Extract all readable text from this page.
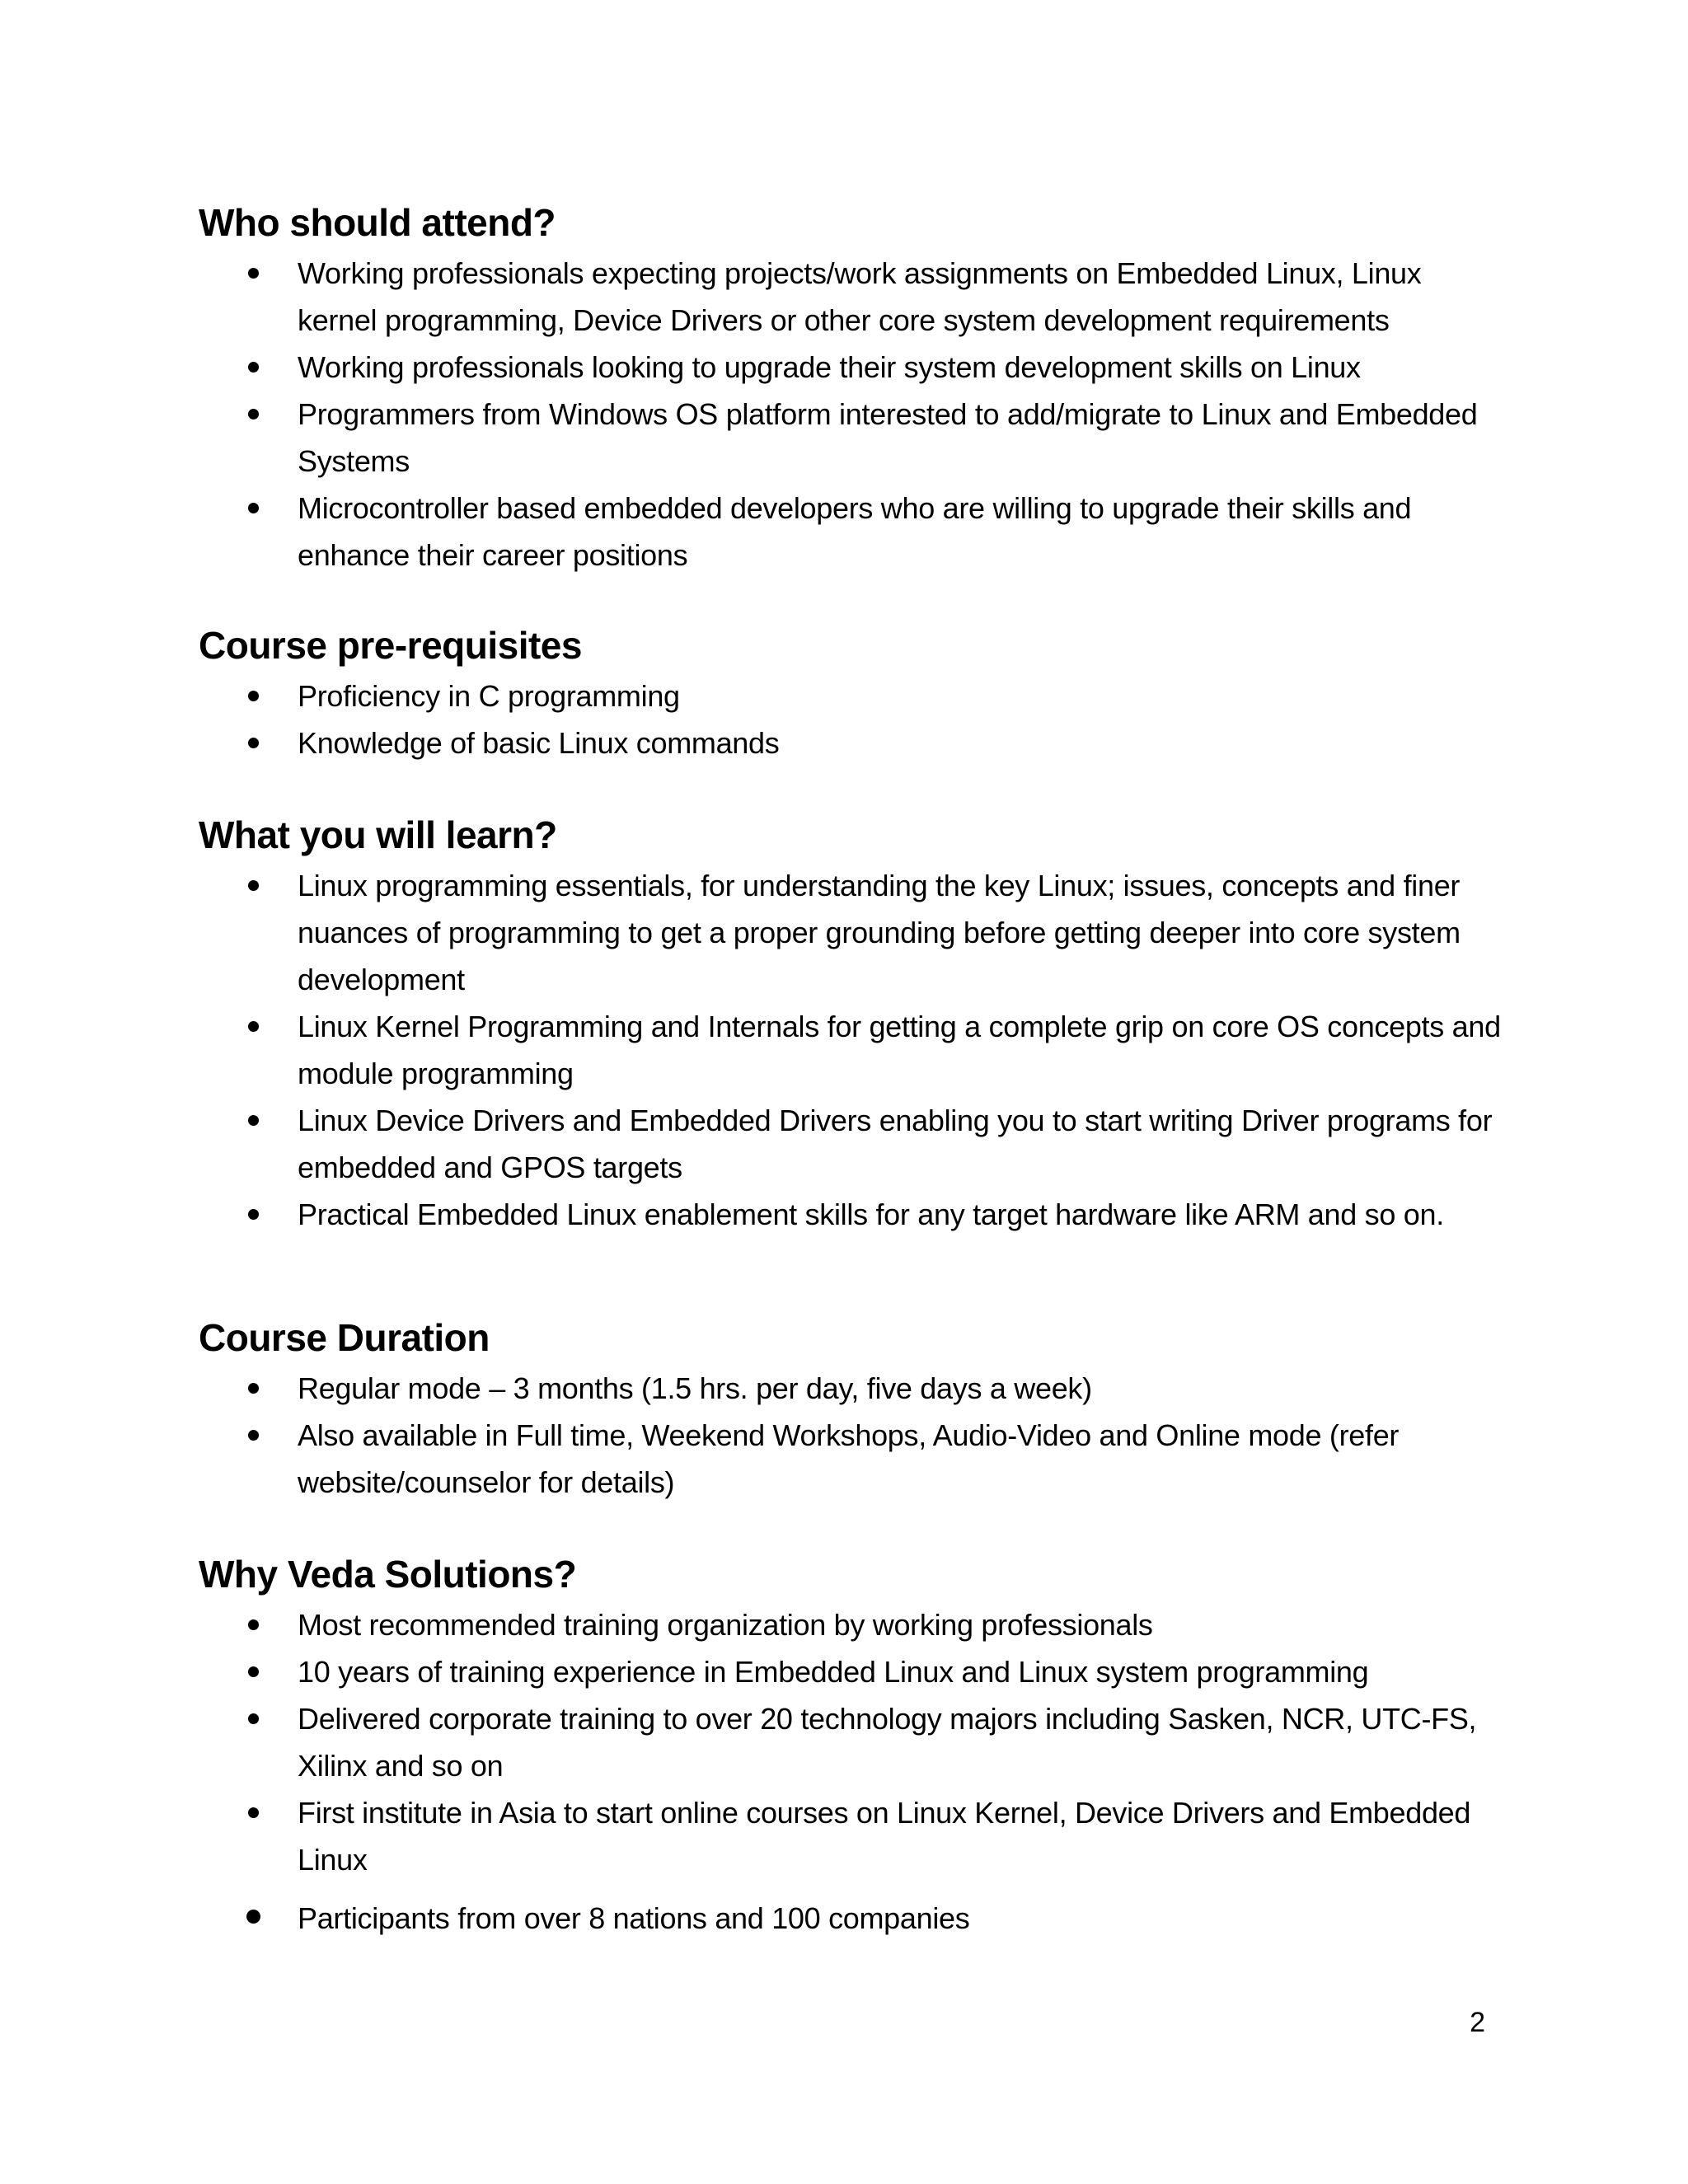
Who should attend?
Working professionals expecting projects/work assignments on Embedded Linux, Linux kernel programming, Device Drivers or other core system development requirements
Working professionals looking to upgrade their system development skills on Linux
Programmers from Windows OS platform interested to add/migrate to Linux and Embedded Systems
Microcontroller based embedded developers who are willing to upgrade their skills and enhance their career positions
Course pre-requisites
Proficiency in C programming
Knowledge of basic Linux commands
What you will learn?
Linux programming essentials, for understanding the key Linux; issues, concepts and finer nuances of programming to get a proper grounding before getting deeper into core system development
Linux Kernel Programming and Internals for getting a complete grip on core OS concepts and module programming
Linux Device Drivers and Embedded Drivers enabling you to start writing Driver programs for embedded and GPOS targets
Practical Embedded Linux enablement skills for any target hardware like ARM and so on.
Course Duration
Regular mode – 3 months (1.5 hrs. per day, five days a week)
Also available in Full time, Weekend Workshops, Audio-Video and Online mode (refer website/counselor for details)
Why Veda Solutions?
Most recommended training organization by working professionals
10 years of training experience in Embedded Linux and Linux system programming
Delivered corporate training to over 20 technology majors including Sasken, NCR, UTC-FS, Xilinx and so on
First institute in Asia to start online courses on Linux Kernel, Device Drivers and Embedded Linux
Participants from over 8 nations and 100 companies
2
